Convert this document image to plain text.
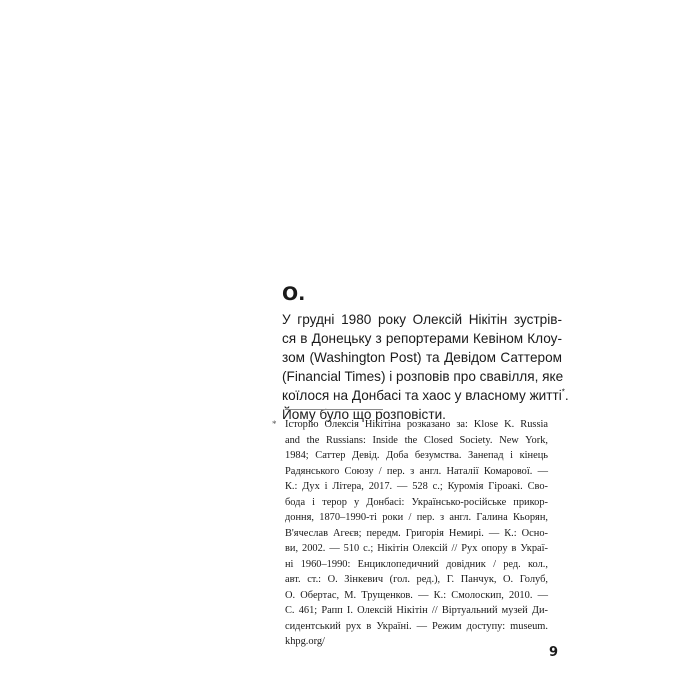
О.

У грудні 1980 року Олексій Нікітін зустрів-
ся в Донецьку з репортерами Кевіном Клоу-
зом (Washington Post) та Девідом Саттером
(Financial Times) і розповів про свавілля, яке
коїлося на Донбасі та хаос у власному житті*.
Йому було що розповісти.

* Історію Олексія Нікітіна розказано за: Klose K. Russia
and the Russians: Inside the Closed Society. New York,
1984; Саттер Девід. Доба безумства. Занепад і кінець
Радянського Союзу / пер. з англ. Наталії Комарової. —
К.: Дух і Літера, 2017. — 528 с.; Куромія Гіроакі. Сво-
бода і терор у Донбасі: Українсько-російське прикор-
доння, 1870–1990-ті роки / пер. з англ. Галина Кьорян,
В'ячеслав Агеєв; передм. Григорія Немирі. — К.: Осно-
ви, 2002. — 510 с.; Нікітін Олексій // Рух опору в Украї-
ні 1960–1990: Енциклопедичний довідник / ред. кол.,
авт. ст.: О. Зінкевич (гол. ред.), Г. Панчук, О. Голуб,
О. Обертас, М. Трущенков. — К.: Смолоскип, 2010. —
С. 461; Рапп І. Олексій Нікітін // Віртуальний музей Ди-
сидентський рух в Україні. — Режим доступу: museum.
khpg.org/
9
